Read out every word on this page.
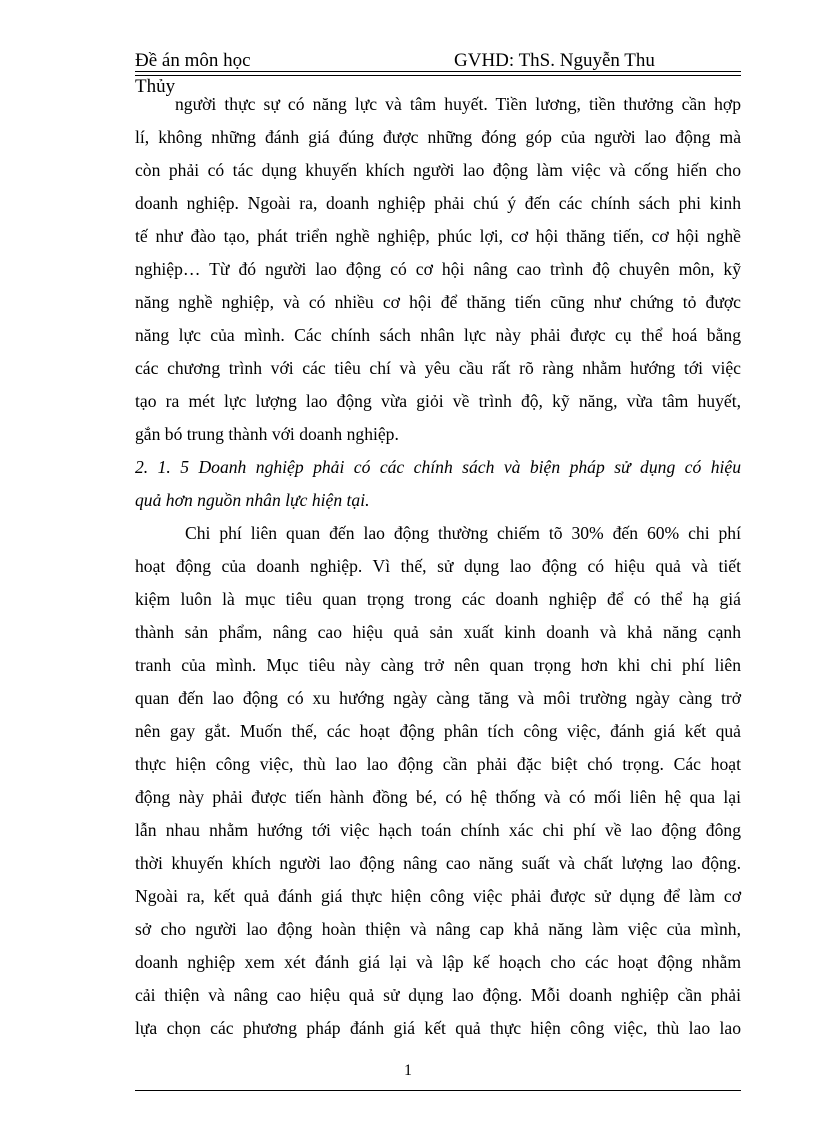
Đề án môn học	GVHD: ThS. Nguyễn Thu
Thủy
người thực sự có năng lực và tâm huyết. Tiền lương, tiền thưởng cần hợp
lí, không những đánh giá đúng được những đóng góp của người lao động mà
còn phải có tác dụng khuyến khích người lao động làm việc và cống hiến cho
doanh nghiệp. Ngoài ra, doanh nghiệp phải chú ý đến các chính sách phi kinh
tế như đào tạo, phát triển nghề nghiệp, phúc lợi, cơ hội thăng tiến, cơ hội nghề
nghiệp… Từ đó người lao động có cơ hội nâng cao trình độ chuyên môn, kỹ
năng nghề nghiệp, và có nhiều cơ hội để thăng tiến cũng như chứng tỏ được
năng lực của mình. Các chính sách nhân lực này phải được cụ thể hoá bằng
các chương trình với các tiêu chí và yêu cầu rất rõ ràng nhằm hướng tới việc
tạo ra mét lực lượng lao động vừa giỏi về trình độ, kỹ năng, vừa tâm huyết,
gắn bó trung thành với doanh nghiệp.
2. 1. 5 Doanh nghiệp phải có các chính sách và biện pháp sử dụng có hiệu
quả hơn nguồn nhân lực hiện tại.
Chi phí liên quan đến lao động thường chiếm tõ 30% đến 60% chi phí
hoạt động của doanh nghiệp. Vì thế, sử dụng lao động có hiệu quả và tiết
kiệm luôn là mục tiêu quan trọng trong các doanh nghiệp để có thể hạ giá
thành sản phẩm, nâng cao hiệu quả sản xuất kinh doanh và khả năng cạnh
tranh của mình. Mục tiêu này càng trở nên quan trọng hơn khi chi phí liên
quan đến lao động có xu hướng ngày càng tăng và môi trường ngày càng trở
nên gay gắt. Muốn thế, các hoạt động phân tích công việc, đánh giá kết quả
thực hiện công việc, thù lao lao động cần phải đặc biệt chó trọng. Các hoạt
động này phải được tiến hành đồng bé, có hệ thống và có mối liên hệ qua lại
lẫn nhau nhằm hướng tới việc hạch toán chính xác chi phí về lao động đông
thời khuyến khích người lao động nâng cao năng suất và chất lượng lao động.
Ngoài ra, kết quả đánh giá thực hiện công việc phải được sử dụng để làm cơ
sở cho người lao động hoàn thiện và nâng cap khả năng làm việc của mình,
doanh nghiệp xem xét đánh giá lại và lập kế hoạch cho các hoạt động nhằm
cải thiện và nâng cao hiệu quả sử dụng lao động. Mỗi doanh nghiệp cần phải
lựa chọn các phương pháp đánh giá kết quả thực hiện công việc, thù lao lao
1
